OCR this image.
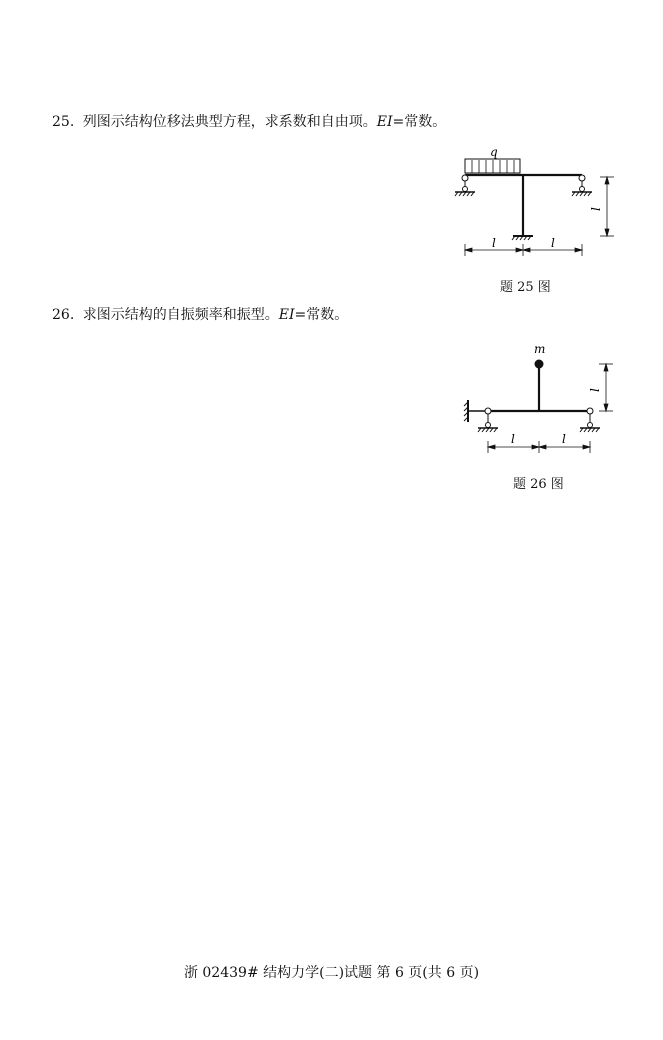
25. 列图示结构位移法典型方程，求系数和自由项。EI=常数。
q
l	l
l
题 25 图
26. 求图示结构的自振频率和振型。EI=常数。
m
l	l
l
题 26 图
浙 02439# 结构力学(二)试题 第 6 页(共 6 页)
